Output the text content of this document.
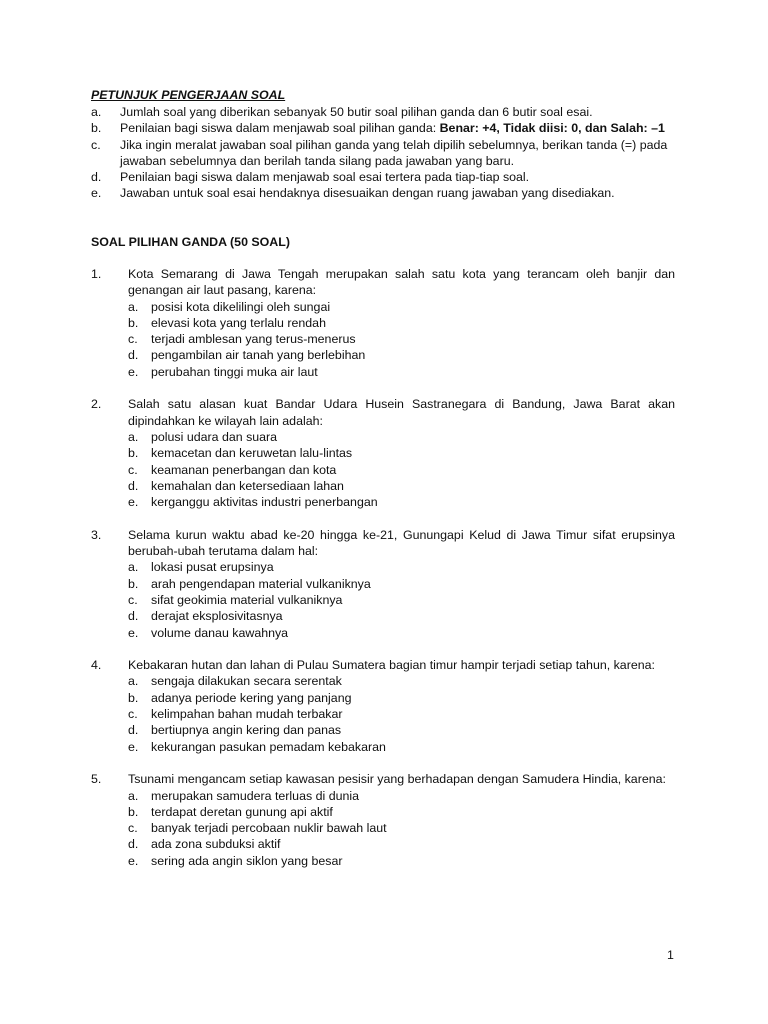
PETUNJUK PENGERJAAN SOAL
a.	Jumlah soal yang diberikan sebanyak 50 butir soal pilihan ganda dan 6 butir soal esai.
b.	Penilaian bagi siswa dalam menjawab soal pilihan ganda: Benar: +4, Tidak diisi: 0, dan Salah: –1
c.	Jika ingin meralat jawaban soal pilihan ganda yang telah dipilih sebelumnya, berikan tanda (=) pada jawaban sebelumnya dan berilah tanda silang pada jawaban yang baru.
d.	Penilaian bagi siswa dalam menjawab soal esai tertera pada tiap-tiap soal.
e.	Jawaban untuk soal esai hendaknya disesuaikan dengan ruang jawaban yang disediakan.
SOAL PILIHAN GANDA (50 SOAL)
1.	Kota Semarang di Jawa Tengah merupakan salah satu kota yang terancam oleh banjir dan genangan air laut pasang, karena:
a.	posisi kota dikelilingi oleh sungai
b.	elevasi kota yang terlalu rendah
c.	terjadi amblesan yang terus-menerus
d.	pengambilan air tanah yang berlebihan
e.	perubahan tinggi muka air laut
2.	Salah satu alasan kuat Bandar Udara Husein Sastranegara di Bandung, Jawa Barat akan dipindahkan ke wilayah lain adalah:
a.	polusi udara dan suara
b.	kemacetan dan keruwetan lalu-lintas
c.	keamanan penerbangan dan kota
d.	kemahalan dan ketersediaan lahan
e.	kerganggu aktivitas industri penerbangan
3.	Selama kurun waktu abad ke-20 hingga ke-21, Gunungapi Kelud di Jawa Timur sifat erupsinya berubah-ubah terutama dalam hal:
a.	lokasi pusat erupsinya
b.	arah pengendapan material vulkaniknya
c.	sifat geokimia material vulkaniknya
d.	derajat eksplosivitasnya
e.	volume danau kawahnya
4.	Kebakaran hutan dan lahan di Pulau Sumatera bagian timur hampir terjadi setiap tahun, karena:
a.	sengaja dilakukan secara serentak
b.	adanya periode kering yang panjang
c.	kelimpahan bahan mudah terbakar
d.	bertiupnya angin kering dan panas
e.	kekurangan pasukan pemadam kebakaran
5.	Tsunami mengancam setiap kawasan pesisir yang berhadapan dengan Samudera Hindia, karena:
a.	merupakan samudera terluas di dunia
b.	terdapat deretan gunung api aktif
c.	banyak terjadi percobaan nuklir bawah laut
d.	ada zona subduksi aktif
e.	sering ada angin siklon yang besar
1
